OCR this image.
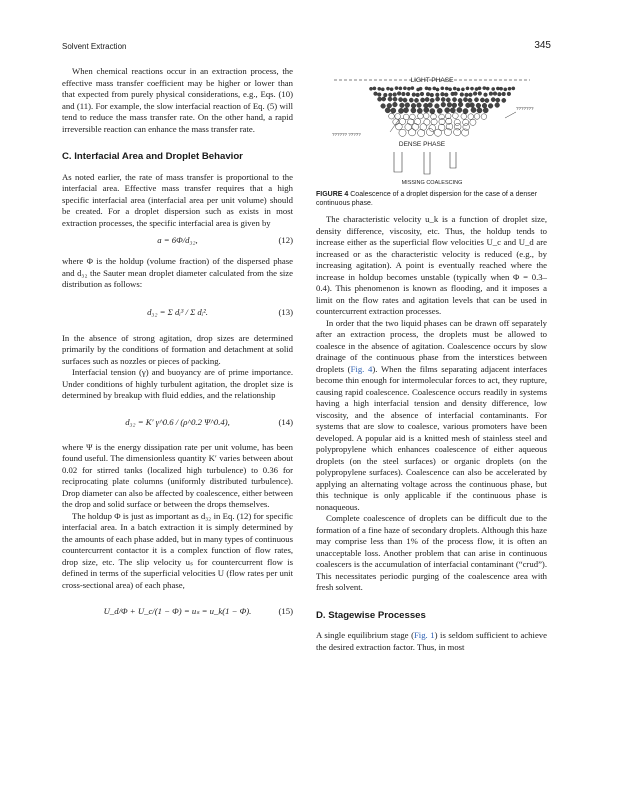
Solvent Extraction	345

When chemical reactions occur in an extraction process, the effective mass transfer coefficient may be higher or lower than that expected from purely physical considerations, e.g., Eqs. (10) and (11). For example, the slow interfacial reaction of Eq. (5) will tend to reduce the mass transfer rate. On the other hand, a rapid irreversible reaction can enhance the mass transfer rate.

C. Interfacial Area and Droplet Behavior

As noted earlier, the rate of mass transfer is proportional to the interfacial area. Effective mass transfer requires that a high specific interfacial area (interfacial area per unit volume) should be created. For a droplet dispersion such as exists in most extraction processes, the specific interfacial area is given by

a = 6Φ/d₃₂,	(12)

where Φ is the holdup (volume fraction) of the dispersed phase and d₃₂ the Sauter mean droplet diameter calculated from the size distribution as follows:

d₃₂ = Σ dᵢ³ / Σ dᵢ².	(13)

In the absence of strong agitation, drop sizes are determined primarily by the conditions of formation and detachment at solid surfaces such as nozzles or pieces of packing.

Interfacial tension (γ) and buoyancy are of prime importance. Under conditions of highly turbulent agitation, the droplet size is determined by breakup with fluid eddies, and the relationship

d₃₂ = K′ γ^0.6 / (ρ^0.2 Ψ^0.4),	(14)

where Ψ is the energy dissipation rate per unit volume, has been found useful. The dimensionless quantity K′ varies between about 0.02 for stirred tanks (localized high turbulence) to 0.36 for reciprocating plate columns (uniformly distributed turbulence). Drop diameter can also be affected by coalescence, either between the drop and solid surface or between the drops themselves.

The holdup Φ is just as important as d₃₂ in Eq. (12) for specific interfacial area. In a batch extraction it is simply determined by the amounts of each phase added, but in many types of continuous countercurrent contactor it is a complex function of flow rates, drop size, etc. The slip velocity uₛ for countercurrent flow is defined in terms of the superficial velocities U (flow rates per unit cross-sectional area) of each phase,

U_d/Φ + U_c/(1 − Φ) = uₛ = u_k(1 − Φ).	(15)
LIGHT PHASE
?????? ?????
???????
DENSE PHASE
MISSING COALESCING
FIGURE 4 Coalescence of a droplet dispersion for the case of a denser continuous phase.

The characteristic velocity u_k is a function of droplet size, density difference, viscosity, etc. Thus, the holdup tends to increase either as the superficial flow velocities U_c and U_d are increased or as the characteristic velocity is reduced (e.g., by increasing agitation). A point is eventually reached where the increase in holdup becomes unstable (typically when Φ = 0.3–0.4). This phenomenon is known as flooding, and it imposes a limit on the flow rates and agitation levels that can be used in countercurrent extraction processes.

In order that the two liquid phases can be drawn off separately after an extraction process, the droplets must be allowed to coalesce in the absence of agitation. Coalescence occurs by slow drainage of the continuous phase from the interstices between droplets (Fig. 4). When the films separating adjacent interfaces become thin enough for intermolecular forces to act, they rupture, causing rapid coalescence. Coalescence occurs readily in systems having a high interfacial tension and density difference, low viscosity, and the absence of interfacial contaminants. For systems that are slow to coalesce, various promoters have been developed. A popular aid is a knitted mesh of stainless steel and polypropylene which enhances coalescence of either aqueous droplets (on the steel surfaces) or organic droplets (on the polypropylene surfaces). Coalescence can also be accelerated by applying an alternating voltage across the continuous phase, but this technique is only applicable if the continuous phase is nonaqueous.

Complete coalescence of droplets can be difficult due to the formation of a fine haze of secondary droplets. Although this haze may comprise less than 1% of the process flow, it is often an unacceptable loss. Another problem that can arise in continuous coalescers is the accumulation of interfacial contaminant (“crud”). This necessitates periodic purging of the coalescence area with fresh solvent.

D. Stagewise Processes

A single equilibrium stage (Fig. 1) is seldom sufficient to achieve the desired extraction factor. Thus, in most
